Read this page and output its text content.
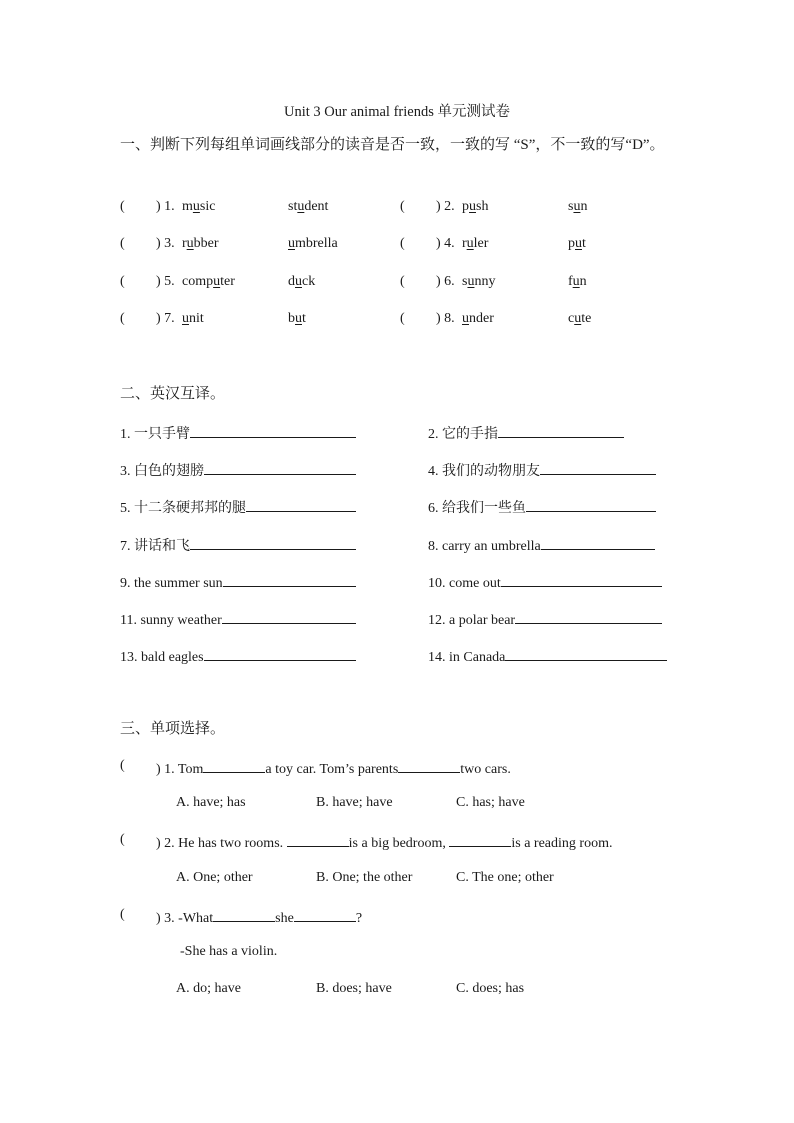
Unit 3 Our animal friends 单元测试卷
一、判断下列每组单词画线部分的读音是否一致，一致的写 “S”，不一致的写“D”。
( ) 1. music	student	( ) 2. push	sun
( ) 3. rubber	umbrella	( ) 4. ruler	put
( ) 5. computer	duck	( ) 6. sunny	fun
( ) 7. unit	but	( ) 8. under	cute
二、英汉互译。
1. 一只手臂	2. 它的手指
3. 白色的翅膀	4. 我们的动物朋友
5. 十二条硬邦邦的腿	6. 给我们一些鱼
7. 讲话和飞	8. carry an umbrella
9. the summer sun	10. come out
11. sunny weather	12. a polar bear
13. bald eagles	14. in Canada
三、单项选择。
( ) 1. Tom	a toy car. Tom’s parents	two cars.
A. have; has	B. have; have	C. has; have
( ) 2. He has two rooms.	is a big bedroom,	is a reading room.
A. One; other	B. One; the other	C. The one; other
( ) 3. -What	she	?
-She has a violin.
A. do; have	B. does; have	C. does; has
